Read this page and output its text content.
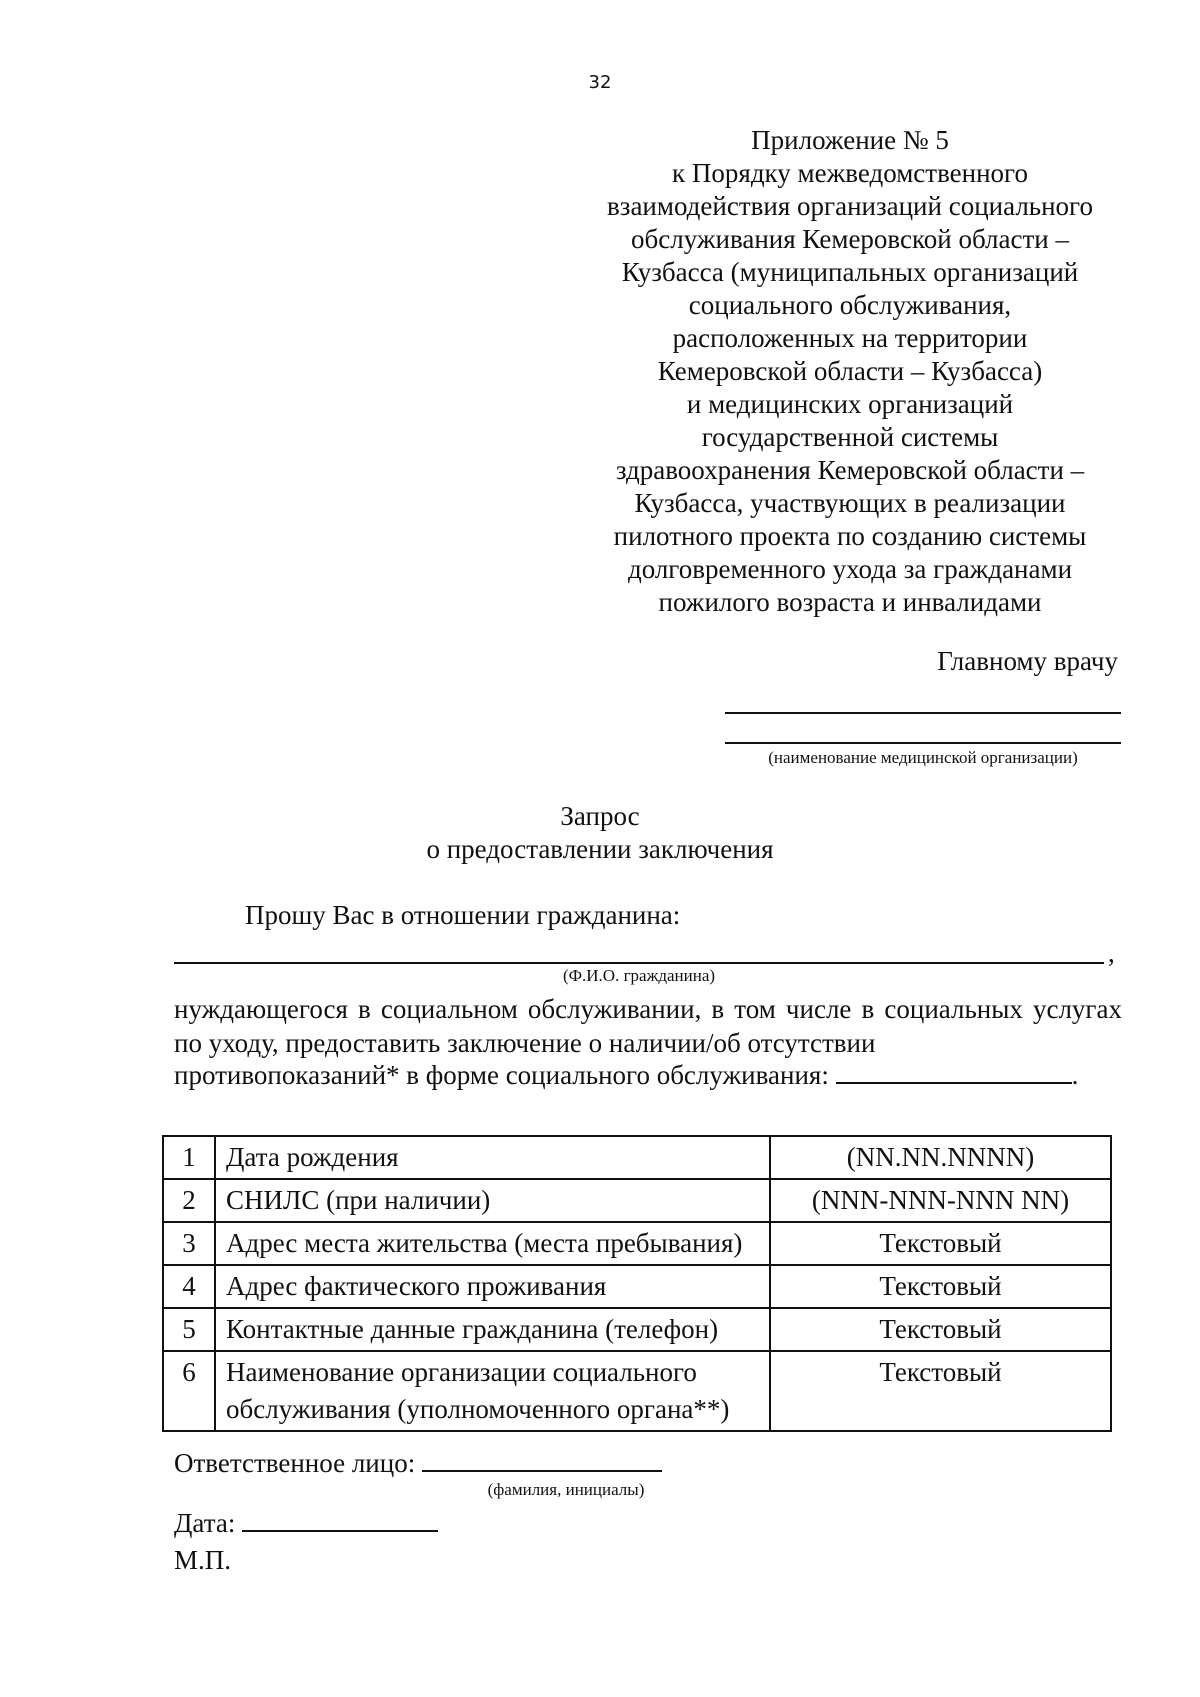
32
Приложение № 5
к Порядку межведомственного
взаимодействия организаций социального
обслуживания Кемеровской области –
Кузбасса (муниципальных организаций
социального обслуживания,
расположенных на территории
Кемеровской области – Кузбасса)
и медицинских организаций
государственной системы
здравоохранения Кемеровской области –
Кузбасса, участвующих в реализации
пилотного проекта по созданию системы
долговременного ухода за гражданами
пожилого возраста и инвалидами
Главному врачу
(наименование медицинской организации)
Запрос
о предоставлении заключения
Прошу Вас в отношении гражданина:
,
(Ф.И.О. гражданина)
нуждающегося в социальном обслуживании, в том числе в социальных услугах по уходу, предоставить заключение о наличии/об отсутствии
противопоказаний* в форме социального обслуживания:	.
1	Дата рождения	(NN.NN.NNNN)
2	СНИЛС (при наличии)	(NNN-NNN-NNN NN)
3	Адрес места жительства (места пребывания)	Текстовый
4	Адрес фактического проживания	Текстовый
5	Контактные данные гражданина (телефон)	Текстовый
6	Наименование организации социального обслуживания (уполномоченного органа**)	Текстовый
Ответственное лицо:
(фамилия, инициалы)
Дата:
М.П.
